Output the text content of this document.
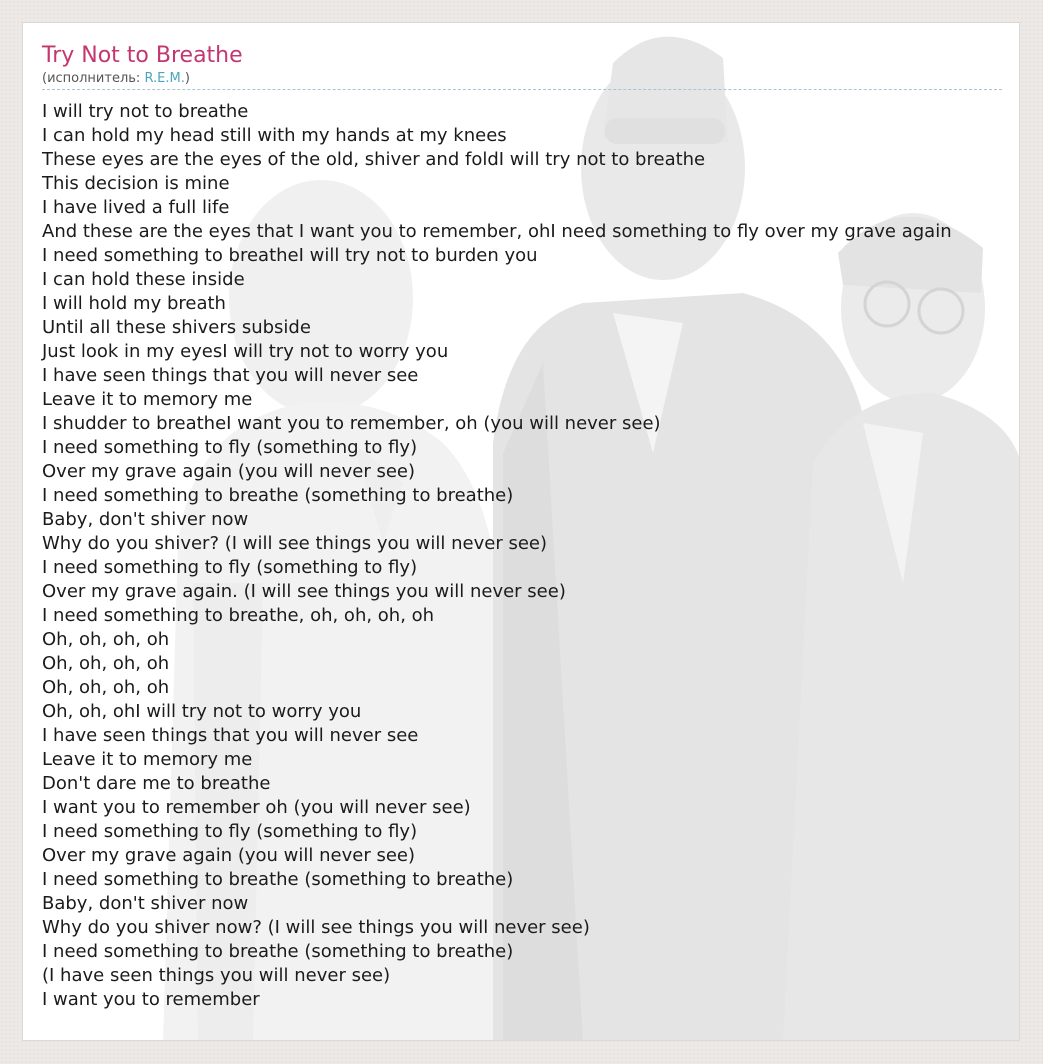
Try Not to Breathe
(исполнитель: R.E.M.)
I will try not to breathe
I can hold my head still with my hands at my knees
These eyes are the eyes of the old, shiver and foldI will try not to breathe
This decision is mine
I have lived a full life
And these are the eyes that I want you to remember, ohI need something to fly over my grave again
I need something to breatheI will try not to burden you
I can hold these inside
I will hold my breath
Until all these shivers subside
Just look in my eyesI will try not to worry you
I have seen things that you will never see
Leave it to memory me
I shudder to breatheI want you to remember, oh (you will never see)
I need something to fly (something to fly)
Over my grave again (you will never see)
I need something to breathe (something to breathe)
Baby, don't shiver now
Why do you shiver? (I will see things you will never see)
I need something to fly (something to fly)
Over my grave again. (I will see things you will never see)
I need something to breathe, oh, oh, oh, oh
Oh, oh, oh, oh
Oh, oh, oh, oh
Oh, oh, oh, oh
Oh, oh, ohI will try not to worry you
I have seen things that you will never see
Leave it to memory me
Don't dare me to breathe
I want you to remember oh (you will never see)
I need something to fly (something to fly)
Over my grave again (you will never see)
I need something to breathe (something to breathe)
Baby, don't shiver now
Why do you shiver now? (I will see things you will never see)
I need something to breathe (something to breathe)
(I have seen things you will never see)
I want you to remember
